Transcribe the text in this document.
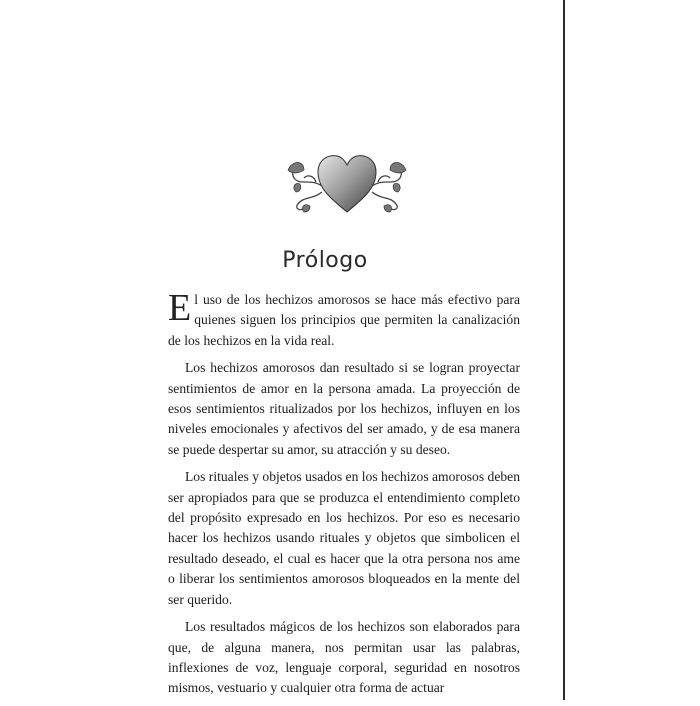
Prólogo

El uso de los hechizos amorosos se hace más efectivo para quienes siguen los principios que permiten la canalización de los hechizos en la vida real.

Los hechizos amorosos dan resultado si se logran proyectar sentimientos de amor en la persona amada. La proyección de esos sentimientos ritualizados por los hechizos, influyen en los niveles emocionales y afectivos del ser amado, y de esa manera se puede despertar su amor, su atracción y su deseo.

Los rituales y objetos usados en los hechizos amorosos deben ser apropiados para que se produzca el entendimiento completo del propósito expresado en los hechizos. Por eso es necesario hacer los hechizos usando rituales y objetos que simbolicen el resultado deseado, el cual es hacer que la otra persona nos ame o liberar los sentimientos amorosos bloqueados en la mente del ser querido.

Los resultados mágicos de los hechizos son elaborados para que, de alguna manera, nos permitan usar las palabras, inflexiones de voz, lenguaje corporal, seguridad en nosotros mismos, vestuario y cualquier otra forma de actuar
